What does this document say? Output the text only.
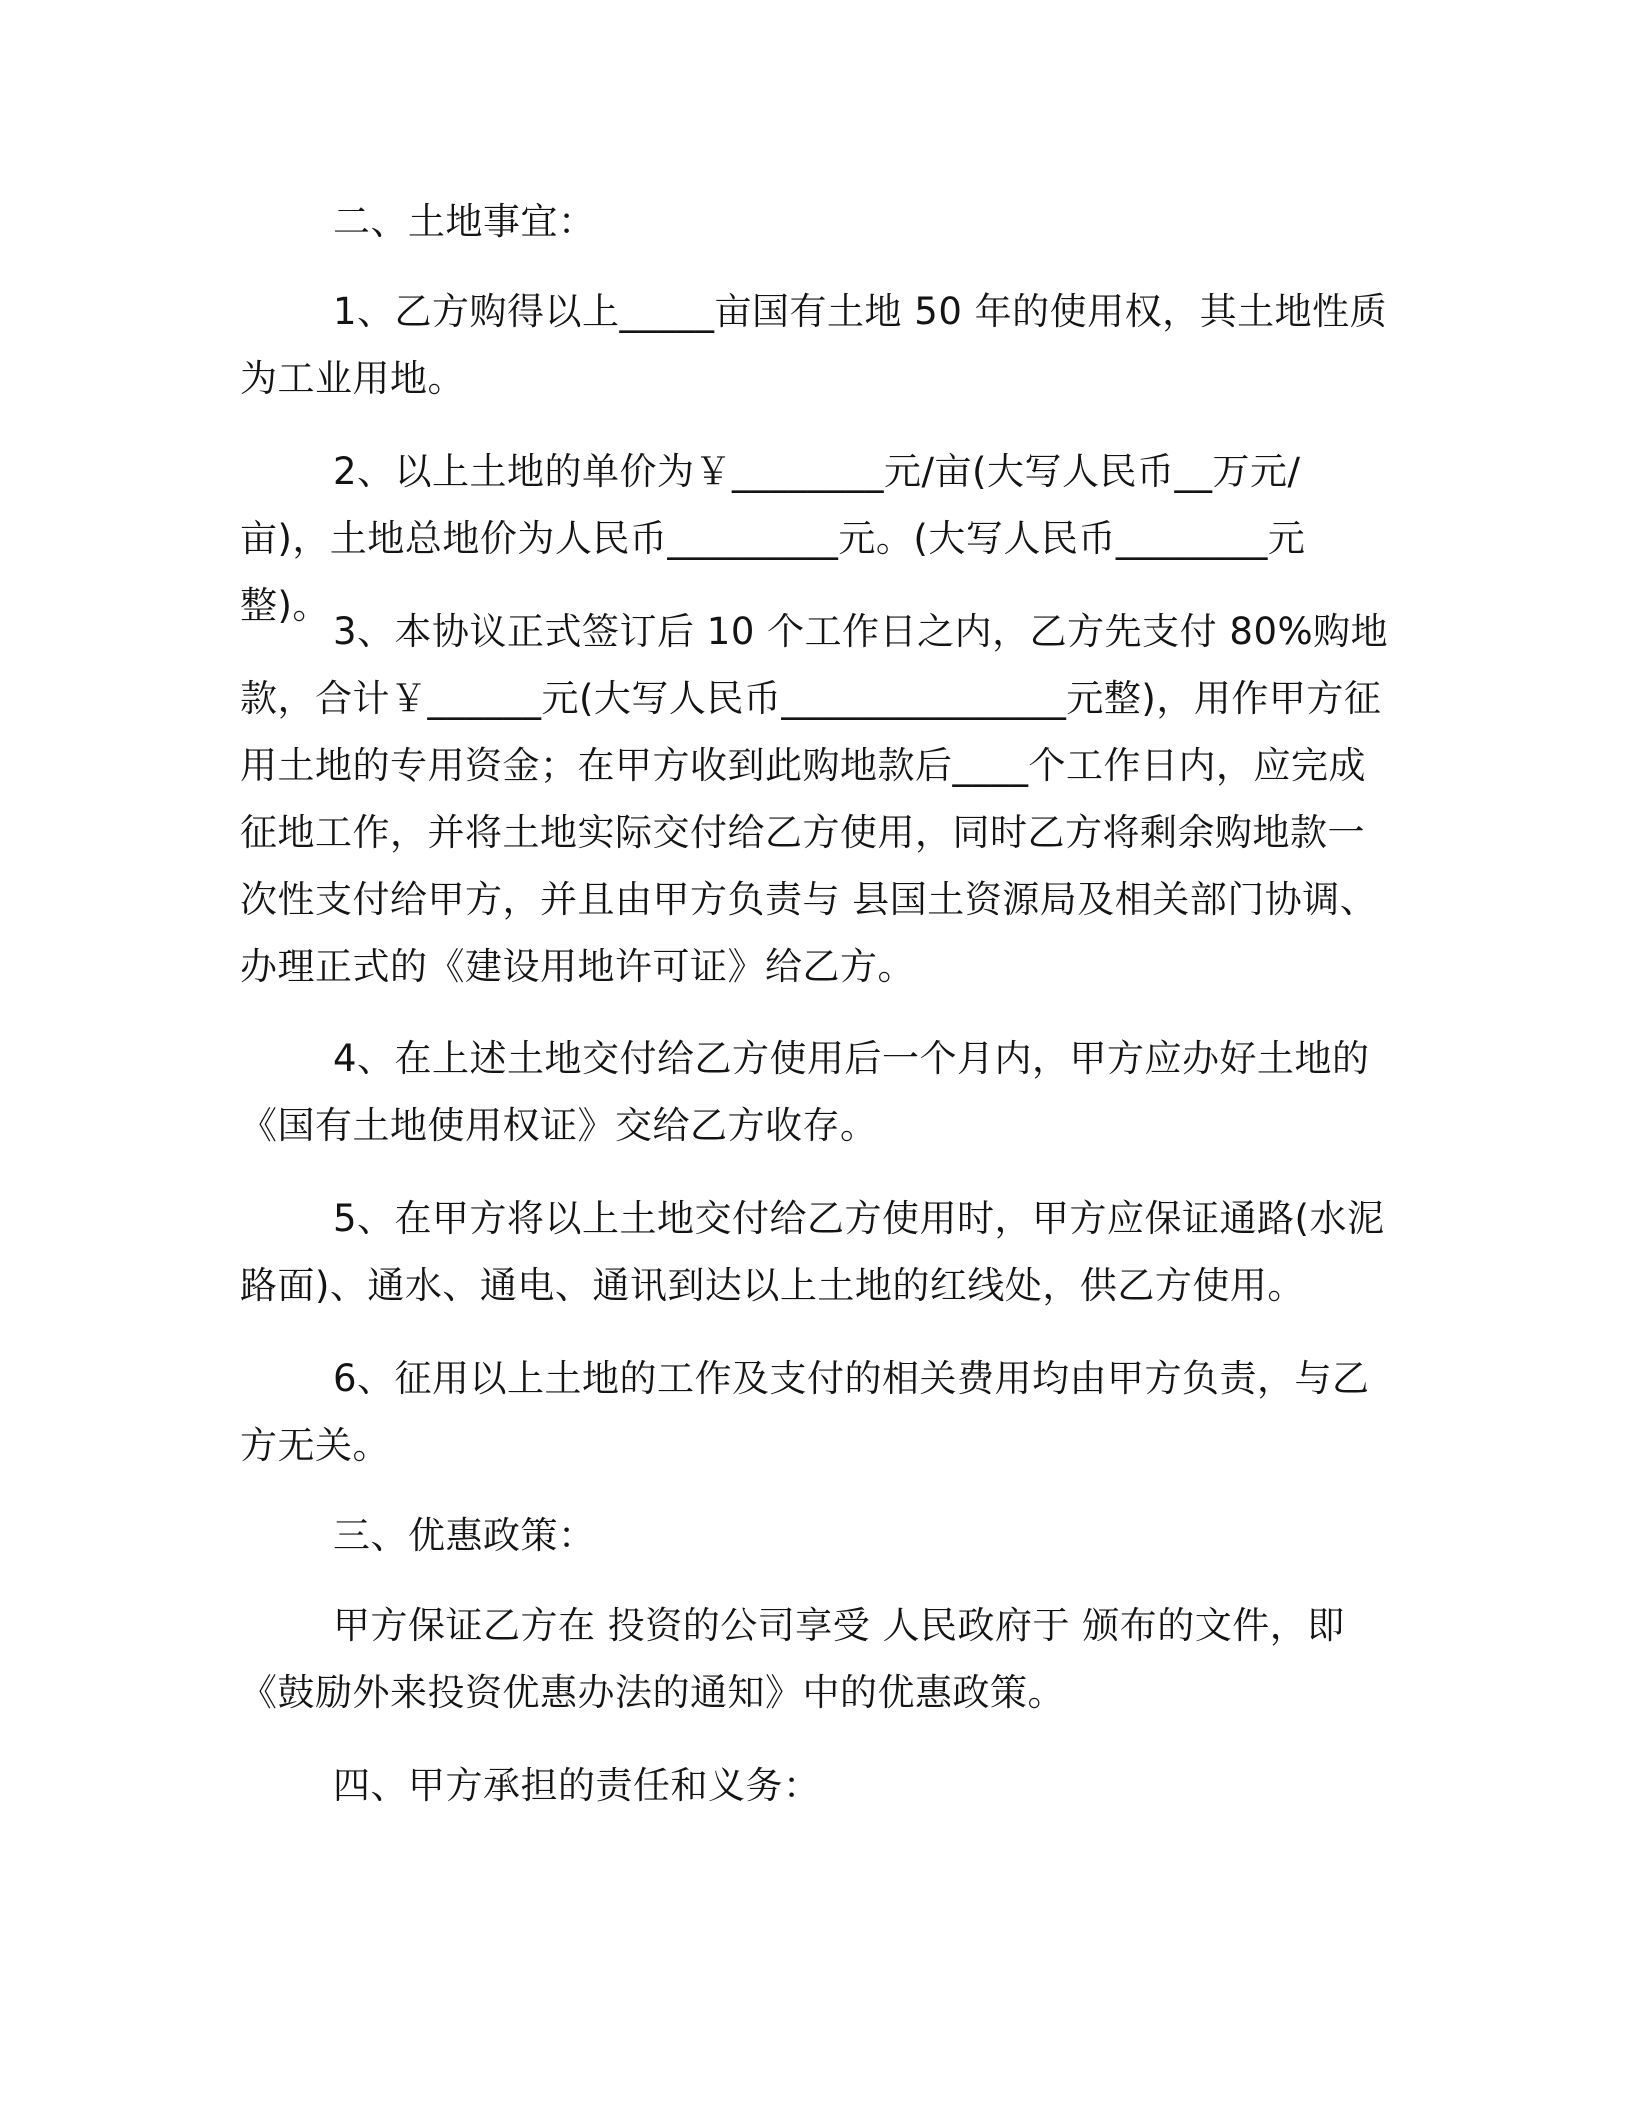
二、土地事宜：

1、乙方购得以上_____亩国有土地 50 年的使用权，其土地性质为工业用地。

2、以上土地的单价为￥________元/亩(大写人民币__万元/亩)，土地总地价为人民币_________元。(大写人民币________元整)。

3、本协议正式签订后 10 个工作日之内，乙方先支付 80%购地款，合计￥______元(大写人民币_______________元整)，用作甲方征用土地的专用资金；在甲方收到此购地款后____个工作日内，应完成征地工作，并将土地实际交付给乙方使用，同时乙方将剩余购地款一次性支付给甲方，并且由甲方负责与 县国土资源局及相关部门协调、办理正式的《建设用地许可证》给乙方。

4、在上述土地交付给乙方使用后一个月内，甲方应办好土地的《国有土地使用权证》交给乙方收存。

5、在甲方将以上土地交付给乙方使用时，甲方应保证通路(水泥路面)、通水、通电、通讯到达以上土地的红线处，供乙方使用。

6、征用以上土地的工作及支付的相关费用均由甲方负责，与乙方无关。

三、优惠政策：

甲方保证乙方在 投资的公司享受 人民政府于 颁布的文件，即《鼓励外来投资优惠办法的通知》中的优惠政策。

四、甲方承担的责任和义务：
